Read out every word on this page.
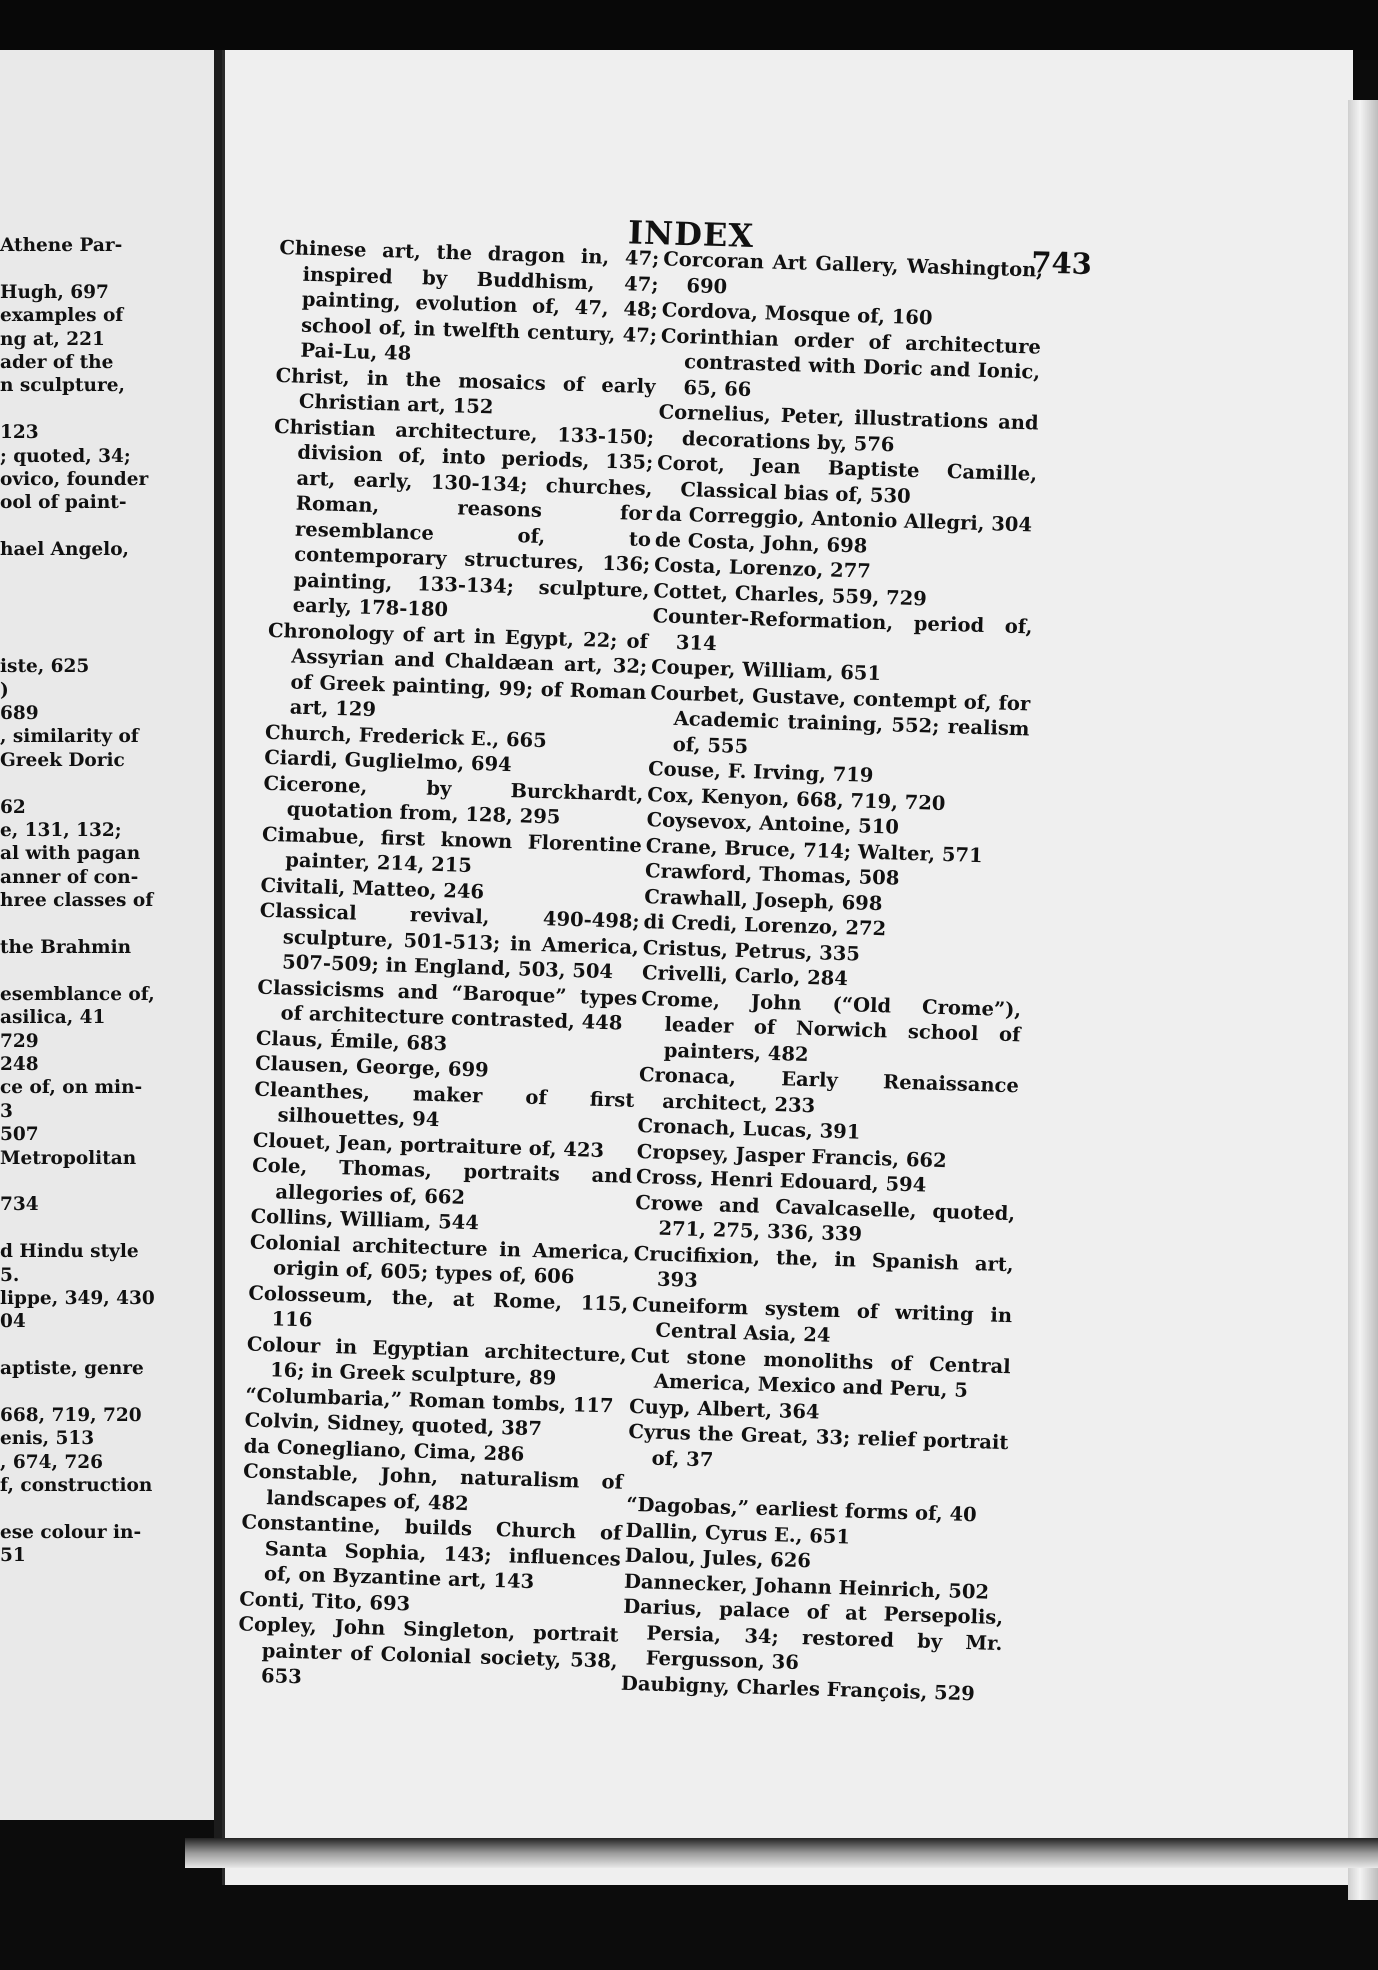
Athene Par-
Hugh, 697
examples of
ng at, 221
ader of the
n sculpture,
123
; quoted, 34;
ovico, founder
ool of paint-
hael Angelo,
iste, 625
)
689
, similarity of
Greek Doric
62
e, 131, 132;
al with pagan
anner of con-
hree classes of
the Brahmin
esemblance of,
asilica, 41
729
248
ce of, on min-
3
507
Metropolitan
734
d Hindu style
5.
lippe, 349, 430
04
aptiste, genre
668, 719, 720
enis, 513
, 674, 726
f, construction
ese colour in-
51
INDEX
743
Chinese art, the dragon in, 47; inspired by Buddhism, 47; painting, evolution of, 47, 48; school of, in twelfth century, 47; Pai-Lu, 48
Christ, in the mosaics of early Christian art, 152
Christian architecture, 133-150; division of, into periods, 135; art, early, 130-134; churches, Roman, reasons for resemblance of, to contemporary structures, 136; painting, 133-134; sculpture, early, 178-180
Chronology of art in Egypt, 22; of Assyrian and Chaldæan art, 32; of Greek painting, 99; of Roman art, 129
Church, Frederick E., 665
Ciardi, Guglielmo, 694
Cicerone, by Burckhardt, quotation from, 128, 295
Cimabue, first known Florentine painter, 214, 215
Civitali, Matteo, 246
Classical revival, 490-498; sculpture, 501-513; in America, 507-509; in England, 503, 504
Classicisms and “Baroque” types of architecture contrasted, 448
Claus, Émile, 683
Clausen, George, 699
Cleanthes, maker of first silhouettes, 94
Clouet, Jean, portraiture of, 423
Cole, Thomas, portraits and allegories of, 662
Collins, William, 544
Colonial architecture in America, origin of, 605; types of, 606
Colosseum, the, at Rome, 115, 116
Colour in Egyptian architecture, 16; in Greek sculpture, 89
“Columbaria,” Roman tombs, 117
Colvin, Sidney, quoted, 387
da Conegliano, Cima, 286
Constable, John, naturalism of landscapes of, 482
Constantine, builds Church of Santa Sophia, 143; influences of, on Byzantine art, 143
Conti, Tito, 693
Copley, John Singleton, portrait painter of Colonial society, 538, 653
Corcoran Art Gallery, Washington, 690
Cordova, Mosque of, 160
Corinthian order of architecture contrasted with Doric and Ionic, 65, 66
Cornelius, Peter, illustrations and decorations by, 576
Corot, Jean Baptiste Camille, Classical bias of, 530
da Correggio, Antonio Allegri, 304
de Costa, John, 698
Costa, Lorenzo, 277
Cottet, Charles, 559, 729
Counter-Reformation, period of, 314
Couper, William, 651
Courbet, Gustave, contempt of, for Academic training, 552; realism of, 555
Couse, F. Irving, 719
Cox, Kenyon, 668, 719, 720
Coysevox, Antoine, 510
Crane, Bruce, 714; Walter, 571
Crawford, Thomas, 508
Crawhall, Joseph, 698
di Credi, Lorenzo, 272
Cristus, Petrus, 335
Crivelli, Carlo, 284
Crome, John (“Old Crome”), leader of Norwich school of painters, 482
Cronaca, Early Renaissance architect, 233
Cronach, Lucas, 391
Cropsey, Jasper Francis, 662
Cross, Henri Edouard, 594
Crowe and Cavalcaselle, quoted, 271, 275, 336, 339
Crucifixion, the, in Spanish art, 393
Cuneiform system of writing in Central Asia, 24
Cut stone monoliths of Central America, Mexico and Peru, 5
Cuyp, Albert, 364
Cyrus the Great, 33; relief portrait of, 37
“Dagobas,” earliest forms of, 40
Dallin, Cyrus E., 651
Dalou, Jules, 626
Dannecker, Johann Heinrich, 502
Darius, palace of at Persepolis, Persia, 34; restored by Mr. Fergusson, 36
Daubigny, Charles François, 529
